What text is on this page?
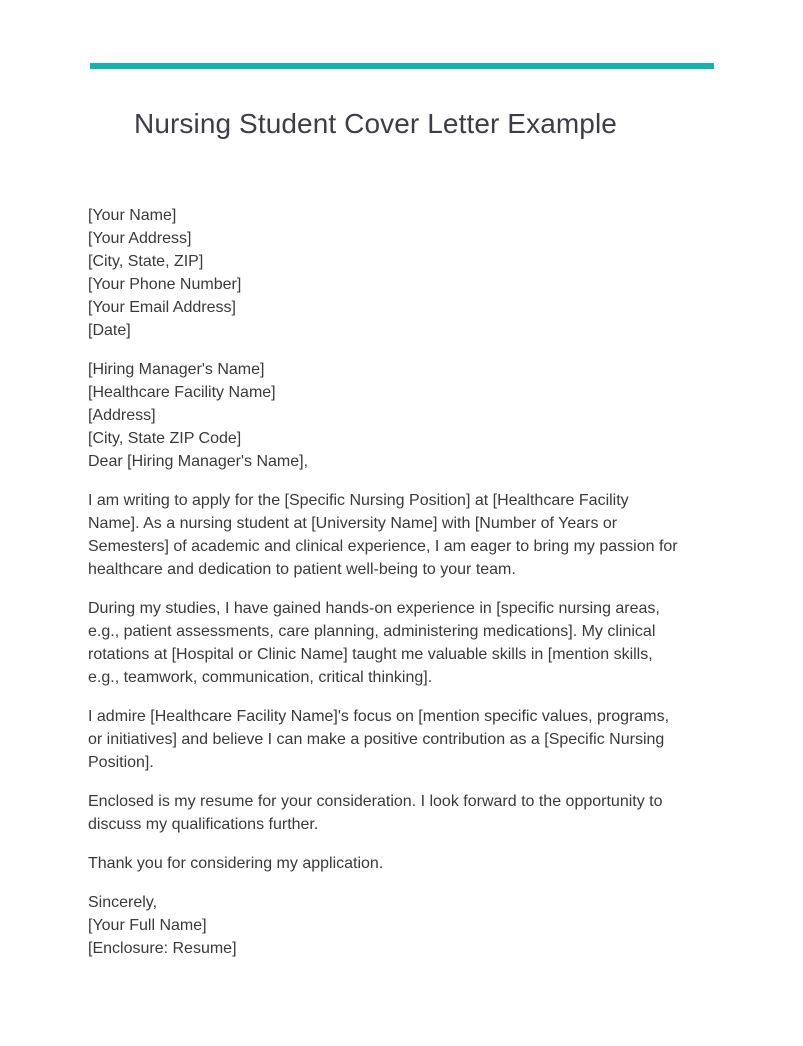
Nursing Student Cover Letter Example
[Your Name]
[Your Address]
[City, State, ZIP]
[Your Phone Number]
[Your Email Address]
[Date]
[Hiring Manager's Name]
[Healthcare Facility Name]
[Address]
[City, State ZIP Code]
Dear [Hiring Manager's Name],
I am writing to apply for the [Specific Nursing Position] at [Healthcare Facility
Name]. As a nursing student at [University Name] with [Number of Years or
Semesters] of academic and clinical experience, I am eager to bring my passion for
healthcare and dedication to patient well-being to your team.
During my studies, I have gained hands-on experience in [specific nursing areas,
e.g., patient assessments, care planning, administering medications]. My clinical
rotations at [Hospital or Clinic Name] taught me valuable skills in [mention skills,
e.g., teamwork, communication, critical thinking].
I admire [Healthcare Facility Name]'s focus on [mention specific values, programs,
or initiatives] and believe I can make a positive contribution as a [Specific Nursing
Position].
Enclosed is my resume for your consideration. I look forward to the opportunity to
discuss my qualifications further.
Thank you for considering my application.
Sincerely,
[Your Full Name]
[Enclosure: Resume]
